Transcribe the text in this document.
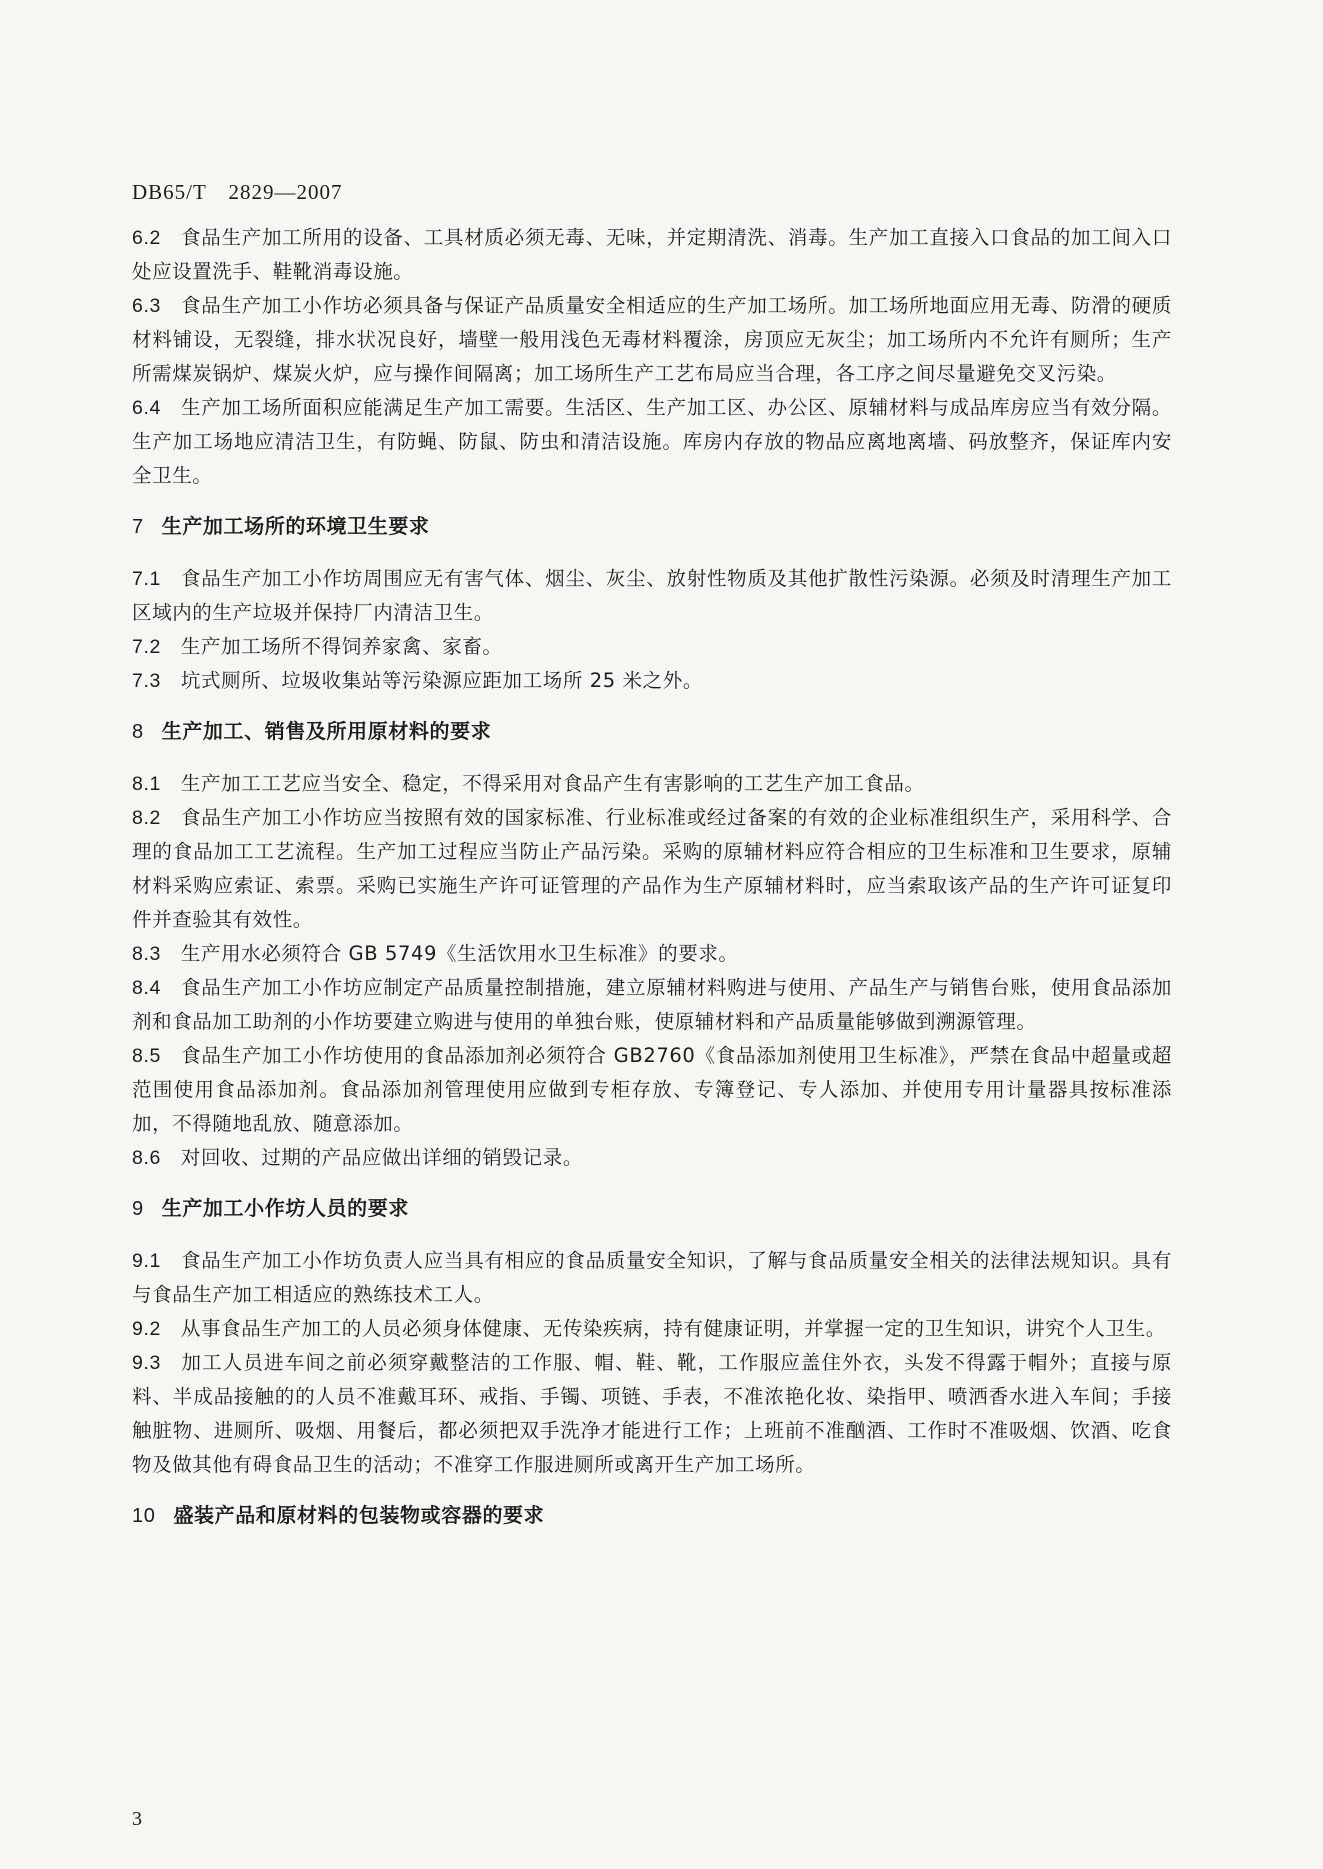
DB65/T　2829—2007

6.2 食品生产加工所用的设备、工具材质必须无毒、无味，并定期清洗、消毒。生产加工直接入口食品的加工间入口处应设置洗手、鞋靴消毒设施。

6.3 食品生产加工小作坊必须具备与保证产品质量安全相适应的生产加工场所。加工场所地面应用无毒、防滑的硬质材料铺设，无裂缝，排水状况良好，墙壁一般用浅色无毒材料覆涂，房顶应无灰尘；加工场所内不允许有厕所；生产所需煤炭锅炉、煤炭火炉，应与操作间隔离；加工场所生产工艺布局应当合理，各工序之间尽量避免交叉污染。

6.4 生产加工场所面积应能满足生产加工需要。生活区、生产加工区、办公区、原辅材料与成品库房应当有效分隔。生产加工场地应清洁卫生，有防蝇、防鼠、防虫和清洁设施。库房内存放的物品应离地离墙、码放整齐，保证库内安全卫生。

7 生产加工场所的环境卫生要求

7.1 食品生产加工小作坊周围应无有害气体、烟尘、灰尘、放射性物质及其他扩散性污染源。必须及时清理生产加工区域内的生产垃圾并保持厂内清洁卫生。

7.2 生产加工场所不得饲养家禽、家畜。

7.3 坑式厕所、垃圾收集站等污染源应距加工场所 25 米之外。

8 生产加工、销售及所用原材料的要求

8.1 生产加工工艺应当安全、稳定，不得采用对食品产生有害影响的工艺生产加工食品。

8.2 食品生产加工小作坊应当按照有效的国家标准、行业标准或经过备案的有效的企业标准组织生产，采用科学、合理的食品加工工艺流程。生产加工过程应当防止产品污染。采购的原辅材料应符合相应的卫生标准和卫生要求，原辅材料采购应索证、索票。采购已实施生产许可证管理的产品作为生产原辅材料时，应当索取该产品的生产许可证复印件并查验其有效性。

8.3 生产用水必须符合 GB 5749《生活饮用水卫生标准》的要求。

8.4 食品生产加工小作坊应制定产品质量控制措施，建立原辅材料购进与使用、产品生产与销售台账，使用食品添加剂和食品加工助剂的小作坊要建立购进与使用的单独台账，使原辅材料和产品质量能够做到溯源管理。

8.5 食品生产加工小作坊使用的食品添加剂必须符合 GB2760《食品添加剂使用卫生标准》，严禁在食品中超量或超范围使用食品添加剂。食品添加剂管理使用应做到专柜存放、专簿登记、专人添加、并使用专用计量器具按标准添加，不得随地乱放、随意添加。

8.6 对回收、过期的产品应做出详细的销毁记录。

9 生产加工小作坊人员的要求

9.1 食品生产加工小作坊负责人应当具有相应的食品质量安全知识，了解与食品质量安全相关的法律法规知识。具有与食品生产加工相适应的熟练技术工人。

9.2 从事食品生产加工的人员必须身体健康、无传染疾病，持有健康证明，并掌握一定的卫生知识，讲究个人卫生。

9.3 加工人员进车间之前必须穿戴整洁的工作服、帽、鞋、靴，工作服应盖住外衣，头发不得露于帽外；直接与原料、半成品接触的的人员不准戴耳环、戒指、手镯、项链、手表，不准浓艳化妆、染指甲、喷洒香水进入车间；手接触脏物、进厕所、吸烟、用餐后，都必须把双手洗净才能进行工作；上班前不准酗酒、工作时不准吸烟、饮酒、吃食物及做其他有碍食品卫生的活动；不准穿工作服进厕所或离开生产加工场所。

10 盛装产品和原材料的包装物或容器的要求
3
